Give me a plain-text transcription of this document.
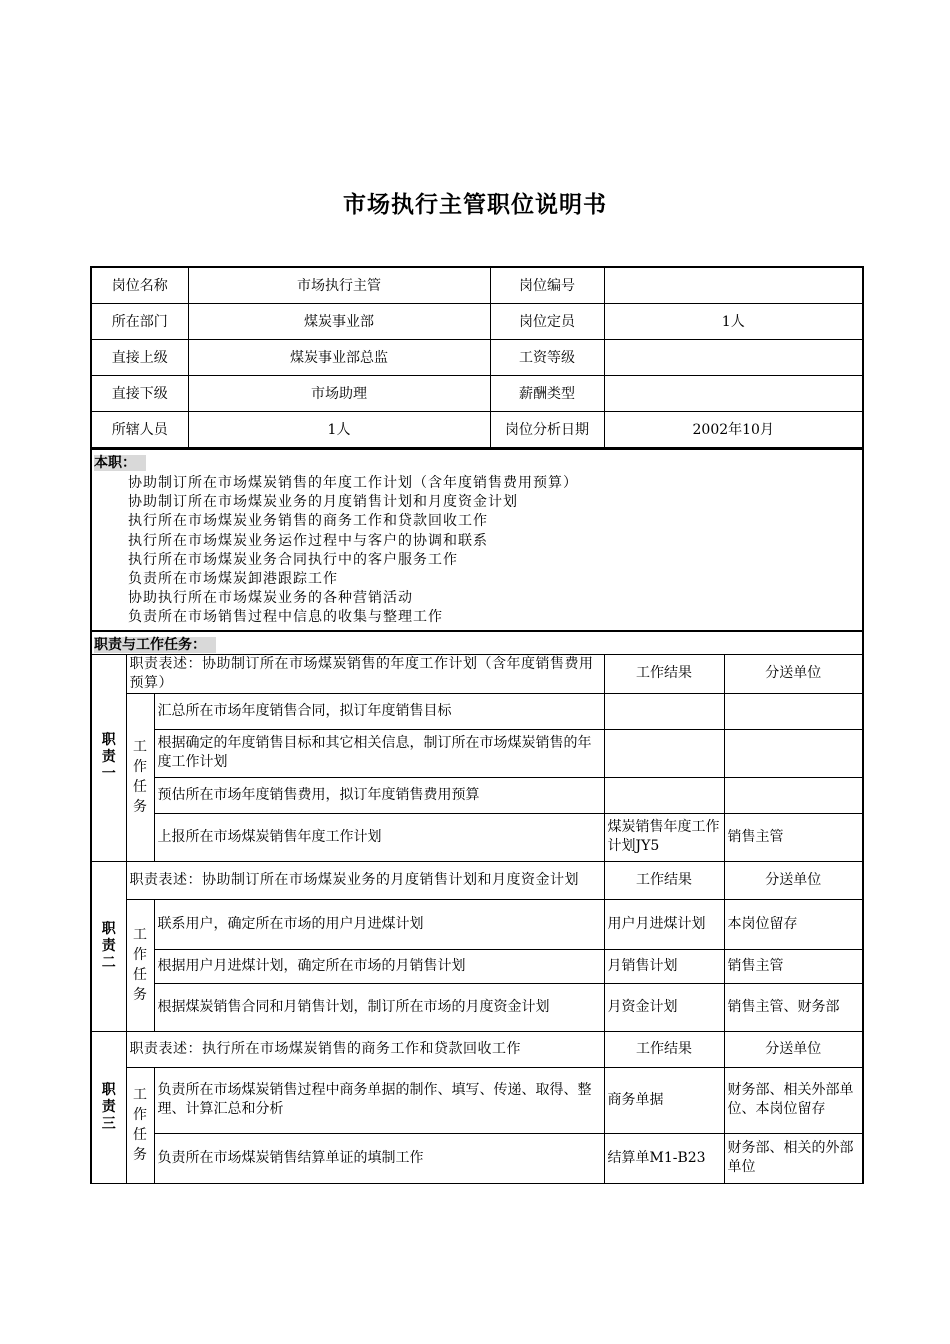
市场执行主管职位说明书
岗位名称	市场执行主管	岗位编号	
所在部门	煤炭事业部	岗位定员	1人
直接上级	煤炭事业部总监	工资等级	
直接下级	市场助理	薪酬类型	
所辖人员	1人	岗位分析日期	2002年10月
本职：
协助制订所在市场煤炭销售的年度工作计划（含年度销售费用预算）
协助制订所在市场煤炭业务的月度销售计划和月度资金计划
执行所在市场煤炭业务销售的商务工作和贷款回收工作
执行所在市场煤炭业务运作过程中与客户的协调和联系
执行所在市场煤炭业务合同执行中的客户服务工作
负责所在市场煤炭卸港跟踪工作
协助执行所在市场煤炭业务的各种营销活动
负责所在市场销售过程中信息的收集与整理工作
职责与工作任务：
职责一	职责表述：协助制订所在市场煤炭销售的年度工作计划（含年度销售费用预算）		工作结果	分送单位
	工作任务	汇总所在市场年度销售合同，拟订年度销售目标		
		根据确定的年度销售目标和其它相关信息，制订所在市场煤炭销售的年度工作计划		
		预估所在市场年度销售费用，拟订年度销售费用预算		
		上报所在市场煤炭销售年度工作计划	煤炭销售年度工作计划JY5	销售主管
职责二	职责表述：协助制订所在市场煤炭业务的月度销售计划和月度资金计划		工作结果	分送单位
	工作任务	联系用户，确定所在市场的用户月进煤计划	用户月进煤计划	本岗位留存
		根据用户月进煤计划，确定所在市场的月销售计划	月销售计划	销售主管
		根据煤炭销售合同和月销售计划，制订所在市场的月度资金计划	月资金计划	销售主管、财务部
职责三	职责表述：执行所在市场煤炭销售的商务工作和贷款回收工作		工作结果	分送单位
	工作任务	负责所在市场煤炭销售过程中商务单据的制作、填写、传递、取得、整理、计算汇总和分析	商务单据	财务部、相关外部单位、本岗位留存
		负责所在市场煤炭销售结算单证的填制工作	结算单M1-B23	财务部、相关的外部单位
